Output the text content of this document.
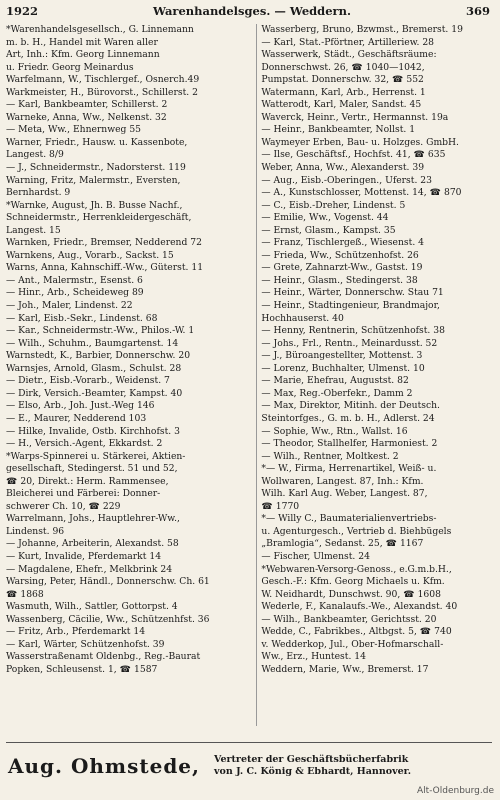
1922	Warenhandelsges. — Weddern.	369
*Warenhandelsgesellsch., G. Linnemann
m. b. H., Handel mit Waren aller
Art, Inh.: Kfm. Georg Linnemann
u. Friedr. Georg Meinardus
Warfelmann, W., Tischlergef., Osnerch.49
Warkmeister, H., Bürovorst., Schillerst. 2
— Karl, Bankbeamter, Schillerst. 2
Warneke, Anna, Ww., Nelkenst. 32
— Meta, Ww., Ehnernweg 55
Warner, Friedr., Hausw. u. Kassenbote,
Langest. 8/9
— J., Schneidermstr., Nadorsterst. 119
Warning, Fritz, Malermstr., Eversten,
Bernhardst. 9
*Warnke, August, Jh. B. Busse Nachf.,
Schneidermstr., Herrenkleidergeschäft,
Langest. 15
Warnken, Friedr., Bremser, Nedderend 72
Warnkens, Aug., Vorarb., Sackst. 15
Warns, Anna, Kahnschiff.-Ww., Güterst. 11
— Ant., Malermstr., Esenst. 6
— Hinr., Arb., Scheideweg 89
— Joh., Maler, Lindenst. 22
— Karl, Eisb.-Sekr., Lindenst. 68
— Kar., Schneidermstr.-Ww., Philos.-W. 1
— Wilh., Schuhm., Baumgartenst. 14
Warnstedt, K., Barbier, Donnerschw. 20
Warnsjes, Arnold, Glasm., Schulst. 28
— Dietr., Eisb.-Vorarb., Weidenst. 7
— Dirk, Versich.-Beamter, Kampst. 40
— Elso, Arb., Joh. Just.-Weg 146
— E., Maurer, Nedderend 103
— Hilke, Invalide, Ostb. Kirchhofst. 3
— H., Versich.-Agent, Ekkardst. 2
*Warps-Spinnerei u. Stärkerei, Aktien-
gesellschaft, Stedingerst. 51 und 52,
☎ 20, Direkt.: Herm. Rammensee,
Bleicherei und Färberei: Donner-
schwerer Ch. 10, ☎ 229
Warrelmann, Johs., Hauptlehrer-Ww.,
Lindenst. 96
— Johanne, Arbeiterin, Alexandst. 58
— Kurt, Invalide, Pferdemarkt 14
— Magdalene, Ehefr., Melkbrink 24
Warsing, Peter, Händl., Donnerschw. Ch. 61
☎ 1868
Wasmuth, Wilh., Sattler, Gottorpst. 4
Wassenberg, Cäcilie, Ww., Schützenhfst. 36
— Fritz, Arb., Pferdemarkt 14
— Karl, Wärter, Schützenhofst. 39
Wasserstraßenamt Oldenbg., Reg.-Baurat
Popken, Schleusenst. 1, ☎ 1587
Wasserberg, Bruno, Bzwmst., Bremerst. 19
— Karl, Stat.-Pförtner, Artilleriew. 28
Wasserwerk, Städt., Geschäftsräume:
Donnerschwst. 26, ☎ 1040—1042,
Pumpstat. Donnerschw. 32, ☎ 552
Watermann, Karl, Arb., Herrenst. 1
Watterodt, Karl, Maler, Sandst. 45
Waverck, Heinr., Vertr., Hermannst. 19a
— Heinr., Bankbeamter, Nollst. 1
Waymeyer Erben, Bau- u. Holzges. GmbH.
— Ilse, Geschäftsf., Hochfst. 41, ☎ 635
Weber, Anna, Ww., Alexanderst. 39
— Aug., Eisb.-Oberingen., Uferst. 23
— A., Kunstschlosser, Mottenst. 14, ☎ 870
— C., Eisb.-Dreher, Lindenst. 5
— Emilie, Ww., Vogenst. 44
— Ernst, Glasm., Kampst. 35
— Franz, Tischlergeß., Wiesenst. 4
— Frieda, Ww., Schützenhofst. 26
— Grete, Zahnarzt-Ww., Gastst. 19
— Heinr., Glasm., Stedingerst. 38
— Heinr., Wärter, Donnerschw. Stau 71
— Heinr., Stadtingenieur, Brandmajor,
Hochhauserst. 40
— Henny, Rentnerin, Schützenhofst. 38
— Johs., Frl., Rentn., Meinardusst. 52
— J., Büroangestellter, Mottenst. 3
— Lorenz, Buchhalter, Ulmenst. 10
— Marie, Ehefrau, Augustst. 82
— Max, Reg.-Oberfekr., Damm 2
— Max, Direktor, Mitinh. der Deutsch.
Steintorfges., G. m. b. H., Adlerst. 24
— Sophie, Ww., Rtn., Wallst. 16
— Theodor, Stallhelfer, Harmoniest. 2
— Wilh., Rentner, Moltkest. 2
*— W., Firma, Herrenartikel, Weiß- u.
Wollwaren, Langest. 87, Inh.: Kfm.
Wilh. Karl Aug. Weber, Langest. 87,
☎ 1770
*— Willy C., Baumaterialienvertriebs-
u. Agenturgesch., Vertrieb d. Biehbügels
„Bramlogia“, Sedanst. 25, ☎ 1167
— Fischer, Ulmenst. 24
*Webwaren-Versorg-Genoss., e.G.m.b.H.,
Gesch.-F.: Kfm. Georg Michaels u. Kfm.
W. Neidhardt, Dunschwst. 90, ☎ 1608
Wederle, F., Kanalaufs.-We., Alexandst. 40
— Wilh., Bankbeamter, Gerichtsst. 20
Wedde, C., Fabrikbes., Altbgst. 5, ☎ 740
v. Wedderkop, Jul., Ober-Hofmarschall-
Ww., Erz., Huntest. 14
Weddern, Marie, Ww., Bremerst. 17
Aug. Ohmstede, Vertreter der Geschäftsbücherfabrik
von J. C. König & Ebhardt, Hannover.
Alt-Oldenburg.de
